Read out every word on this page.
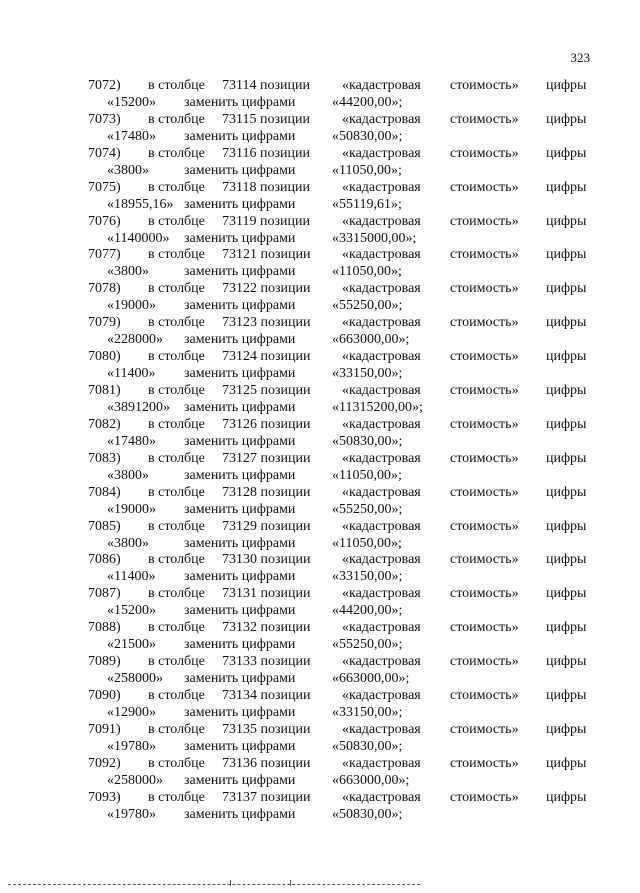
323
7072) в столбце 73114 позиции «кадастровая стоимость» цифры
«15200» заменить цифрами	«44200,00»;
7073) в столбце 73115 позиции «кадастровая стоимость» цифры
«17480» заменить цифрами	«50830,00»;
7074) в столбце 73116 позиции «кадастровая стоимость» цифры
«3800»	заменить цифрами	«11050,00»;
7075) в столбце 73118 позиции «кадастровая стоимость» цифры
«18955,16» заменить цифрами	«55119,61»;
7076) в столбце 73119 позиции «кадастровая стоимость» цифры
«1140000» заменить цифрами	«3315000,00»;
7077) в столбце 73121 позиции «кадастровая стоимость» цифры
«3800»	заменить цифрами	«11050,00»;
7078) в столбце 73122 позиции «кадастровая стоимость» цифры
«19000» заменить цифрами	«55250,00»;
7079) в столбце 73123 позиции «кадастровая стоимость» цифры
«228000» заменить цифрами	«663000,00»;
7080) в столбце 73124 позиции «кадастровая стоимость» цифры
«11400» заменить цифрами	«33150,00»;
7081) в столбце 73125 позиции «кадастровая стоимость» цифры
«3891200» заменить цифрами	«11315200,00»;
7082) в столбце 73126 позиции «кадастровая стоимость» цифры
«17480» заменить цифрами	«50830,00»;
7083) в столбце 73127 позиции «кадастровая стоимость» цифры
«3800»	заменить цифрами	«11050,00»;
7084) в столбце 73128 позиции «кадастровая стоимость» цифры
«19000» заменить цифрами	«55250,00»;
7085) в столбце 73129 позиции «кадастровая стоимость» цифры
«3800»	заменить цифрами	«11050,00»;
7086) в столбце 73130 позиции «кадастровая стоимость» цифры
«11400» заменить цифрами	«33150,00»;
7087) в столбце 73131 позиции «кадастровая стоимость» цифры
«15200» заменить цифрами	«44200,00»;
7088) в столбце 73132 позиции «кадастровая стоимость» цифры
«21500» заменить цифрами	«55250,00»;
7089) в столбце 73133 позиции «кадастровая стоимость» цифры
«258000» заменить цифрами	«663000,00»;
7090) в столбце 73134 позиции «кадастровая стоимость» цифры
«12900» заменить цифрами	«33150,00»;
7091) в столбце 73135 позиции «кадастровая стоимость» цифры
«19780» заменить цифрами	«50830,00»;
7092) в столбце 73136 позиции «кадастровая стоимость» цифры
«258000» заменить цифрами	«663000,00»;
7093) в столбце 73137 позиции «кадастровая стоимость» цифры
«19780» заменить цифрами	«50830,00»;
